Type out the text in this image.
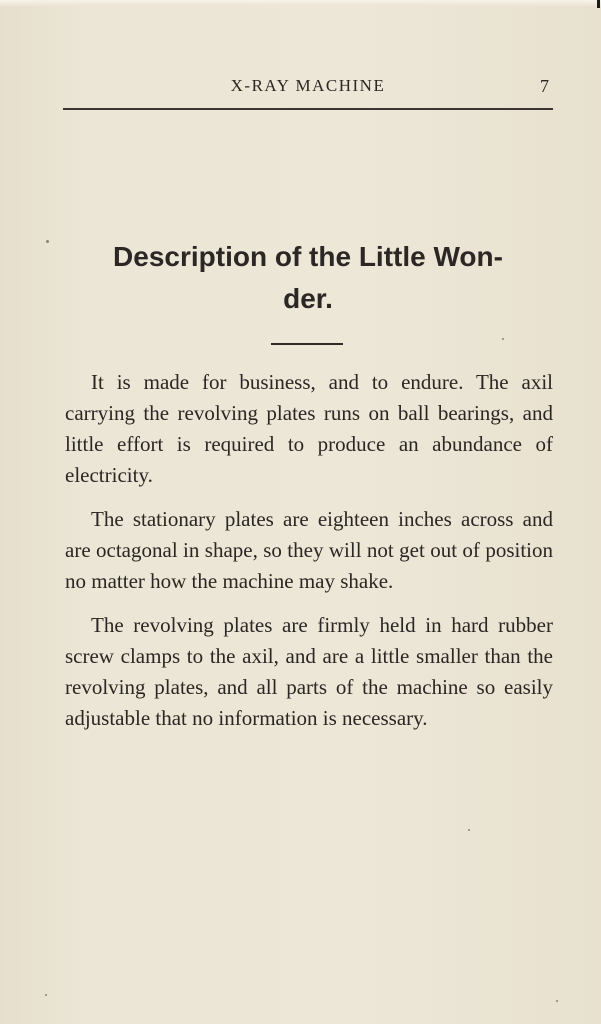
X-RAY MACHINE	7
Description of the Little Won-
der.

It is made for business, and to endure. The axil carrying the revolving plates runs on ball bearings, and little effort is required to produce an abundance of electricity.

The stationary plates are eighteen inches across and are octagonal in shape, so they will not get out of position no matter how the machine may shake.

The revolving plates are firmly held in hard rubber screw clamps to the axil, and are a little smaller than the revolving plates, and all parts of the machine so easily adjustable that no information is necessary.
